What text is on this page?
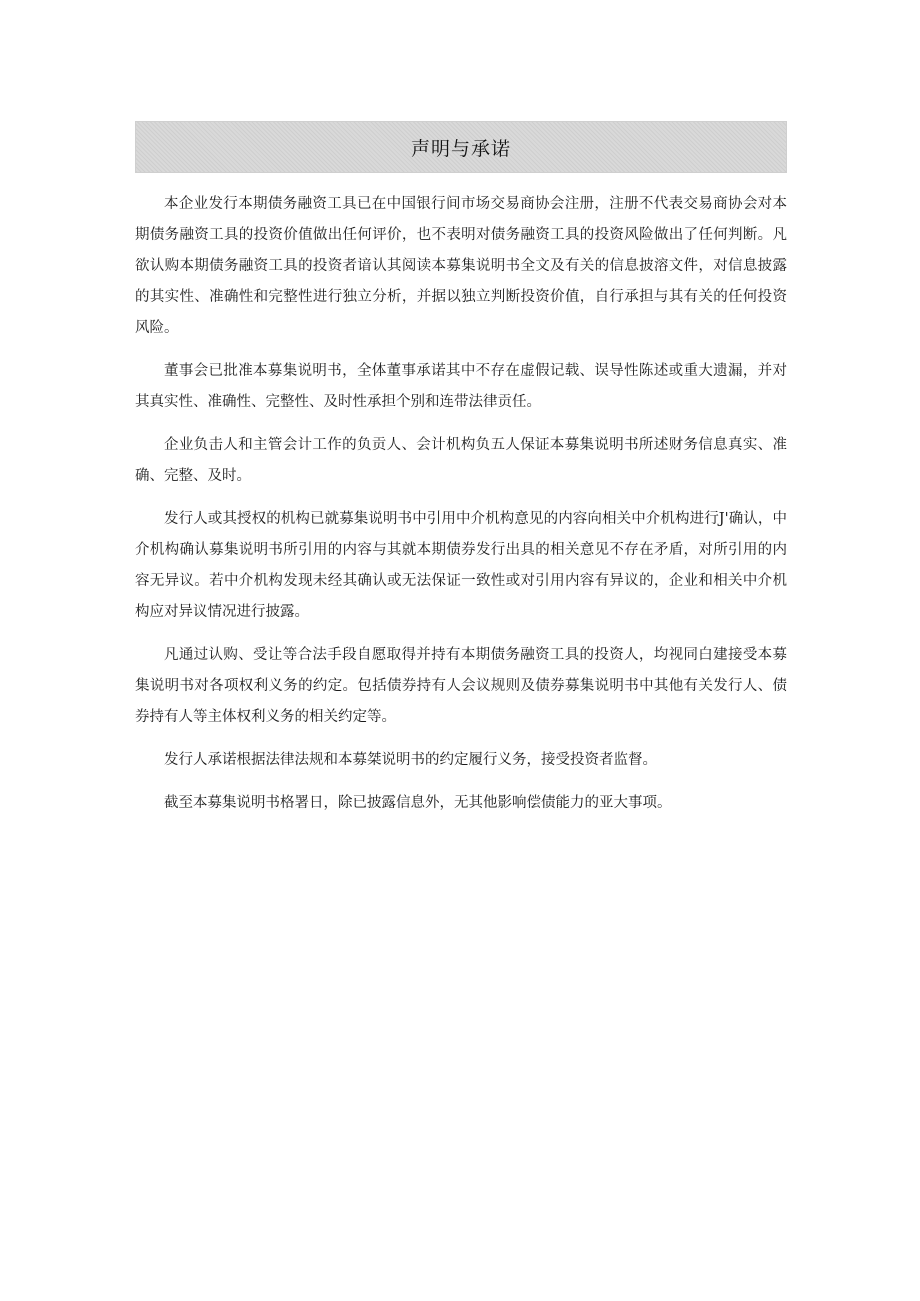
声明与承诺

本企业发行本期债务融资工具已在中国银行间市场交易商协会注册，注册不代表交易商协会对本期债务融资工具的投资价值做出任何评价，也不表明对债务融资工具的投资风险做出了任何判断。凡欲认购本期债务融资工具的投资者谙认其阅读本募集说明书全文及有关的信息披溶文件，对信息披露的其实性、准确性和完整性进行独立分析，并据以独立判断投资价值，自行承担与其有关的任何投资风险。

董事会已批准本募集说明书，全体董事承诺其中不存在虚假记载、误导性陈述或重大遗漏，并对其真实性、准确性、完整性、及时性承担个别和连带法律贡任。

企业负击人和主管会计工作的负贡人、会计机构负五人保证本募集说明书所述财务信息真实、准确、完整、及时。

发行人或其授权的机构已就募集说明书中引用中介机构意见的内容向相关中介机构进行J'确认，中介机构确认募集说明书所引用的内容与其就本期债券发行出具的相关意见不存在矛盾，对所引用的内容无异议。若中介机构发现未经其确认或无法保证一致性或对引用内容有异议的，企业和相关中介机构应对异议情况进行披露。

凡通过认购、受让等合法手段自愿取得并持有本期债务融资工具的投资人，均视同白建接受本募集说明书对各项权利义务的约定。包括债券持有人会议规则及债券募集说明书中其他有关发行人、债券持有人等主体权利义务的相关约定等。

发行人承诺根据法律法规和本募桀说明书的约定履行义务，接受投资者监督。

截至本募集说明书格署日，除已披露信息外，无其他影响偿债能力的亚大事项。
